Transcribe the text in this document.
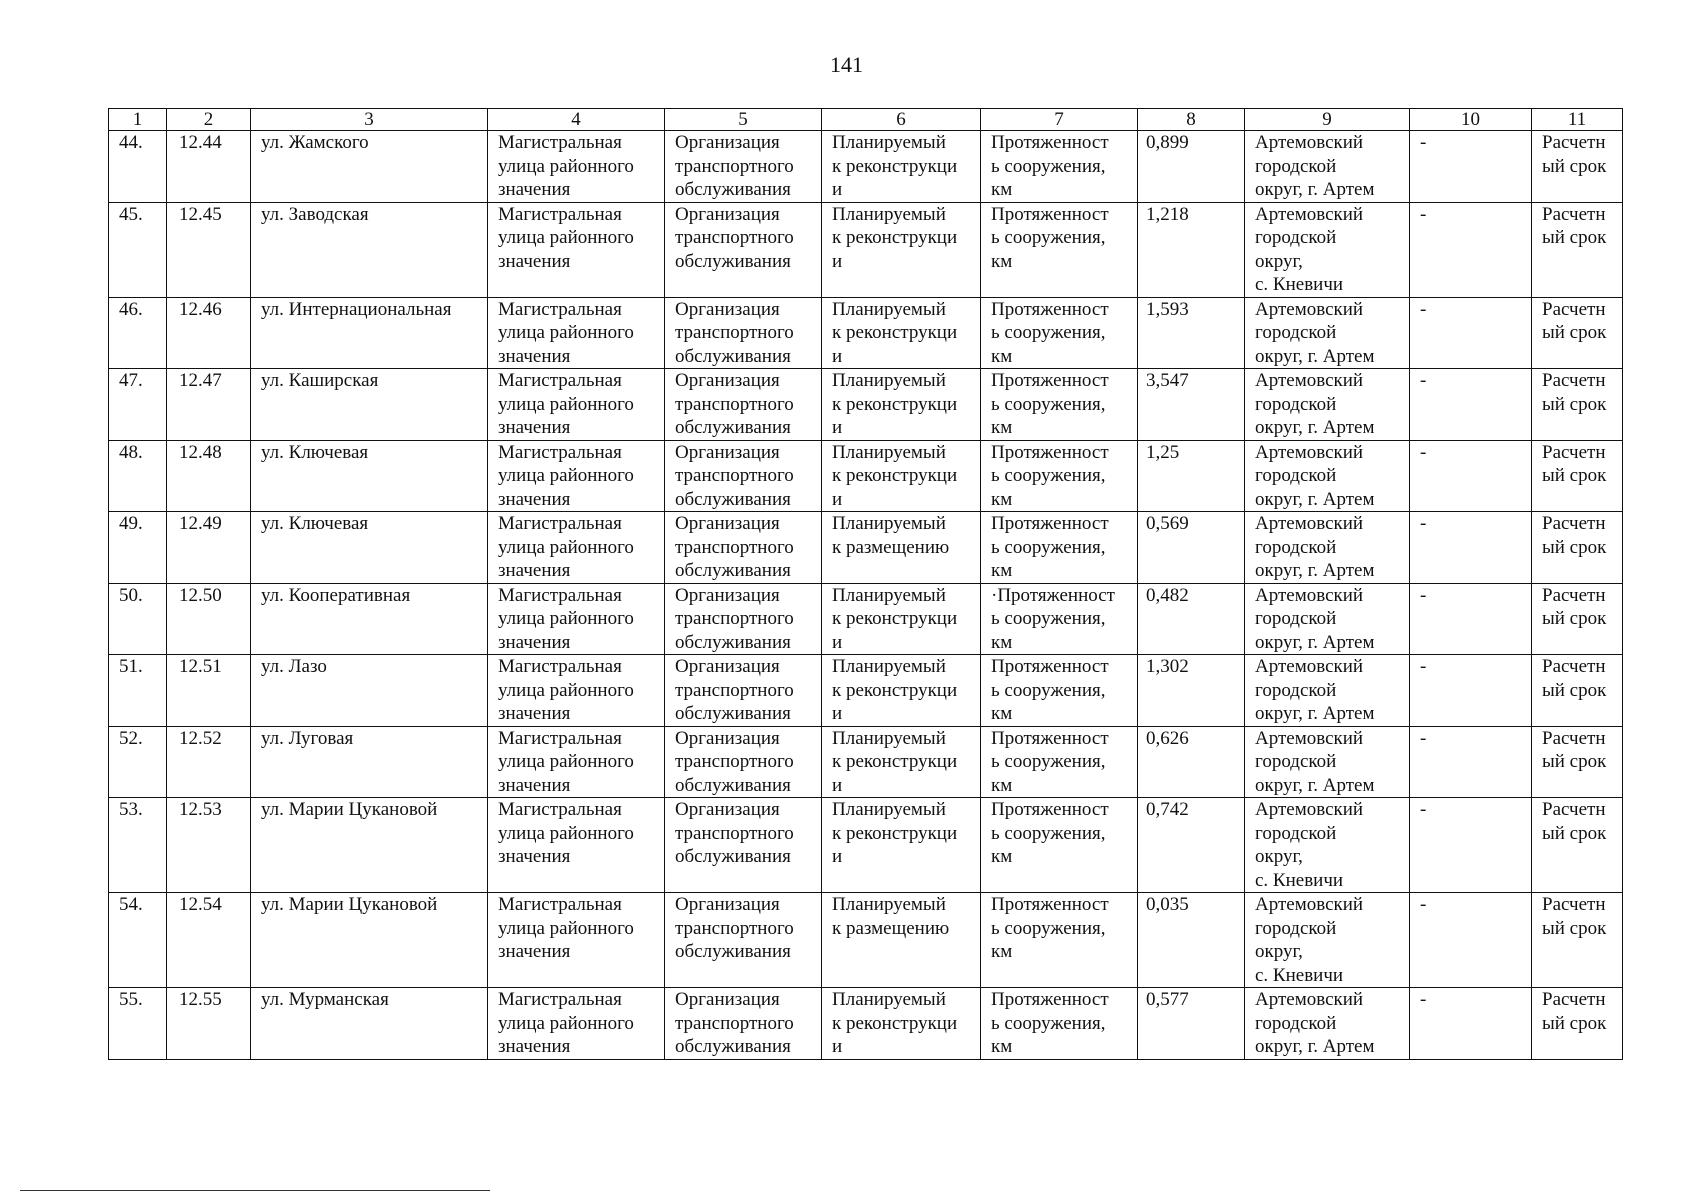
141
1	2	3	4	5	6	7	8	9	10	11

44.	12.44	ул. Жамского	Магистральная
улица районного
значения	Организация
транспортного
обслуживания	Планируемый
к реконструкци
и	Протяженност
ь сооружения,
км	0,899	Артемовский
городской
округ, г. Артем	-	Расчетн
ый срок

45.	12.45	ул. Заводская	Магистральная
улица районного
значения	Организация
транспортного
обслуживания	Планируемый
к реконструкци
и	Протяженност
ь сооружения,
км	1,218	Артемовский
городской
округ,
с. Кневичи	-	Расчетн
ый срок

46.	12.46	ул. Интернациональная	Магистральная
улица районного
значения	Организация
транспортного
обслуживания	Планируемый
к реконструкци
и	Протяженност
ь сооружения,
км	1,593	Артемовский
городской
округ, г. Артем	-	Расчетн
ый срок

47.	12.47	ул. Каширская	Магистральная
улица районного
значения	Организация
транспортного
обслуживания	Планируемый
к реконструкци
и	Протяженност
ь сооружения,
км	3,547	Артемовский
городской
округ, г. Артем	-	Расчетн
ый срок

48.	12.48	ул. Ключевая	Магистральная
улица районного
значения	Организация
транспортного
обслуживания	Планируемый
к реконструкци
и	Протяженност
ь сооружения,
км	1,25	Артемовский
городской
округ, г. Артем	-	Расчетн
ый срок

49.	12.49	ул. Ключевая	Магистральная
улица районного
значения	Организация
транспортного
обслуживания	Планируемый
к размещению	Протяженност
ь сооружения,
км	0,569	Артемовский
городской
округ, г. Артем	-	Расчетн
ый срок

50.	12.50	ул. Кооперативная	Магистральная
улица районного
значения	Организация
транспортного
обслуживания	Планируемый
к реконструкци
и	·Протяженност
ь сооружения,
км	0,482	Артемовский
городской
округ, г. Артем	-	Расчетн
ый срок

51.	12.51	ул. Лазо	Магистральная
улица районного
значения	Организация
транспортного
обслуживания	Планируемый
к реконструкци
и	Протяженност
ь сооружения,
км	1,302	Артемовский
городской
округ, г. Артем	-	Расчетн
ый срок

52.	12.52	ул. Луговая	Магистральная
улица районного
значения	Организация
транспортного
обслуживания	Планируемый
к реконструкци
и	Протяженност
ь сооружения,
км	0,626	Артемовский
городской
округ, г. Артем	-	Расчетн
ый срок

53.	12.53	ул. Марии Цукановой	Магистральная
улица районного
значения	Организация
транспортного
обслуживания	Планируемый
к реконструкци
и	Протяженност
ь сооружения,
км	0,742	Артемовский
городской
округ,
с. Кневичи	-	Расчетн
ый срок

54.	12.54	ул. Марии Цукановой	Магистральная
улица районного
значения	Организация
транспортного
обслуживания	Планируемый
к размещению	Протяженност
ь сооружения,
км	0,035	Артемовский
городской
округ,
с. Кневичи	-	Расчетн
ый срок

55.	12.55	ул. Мурманская	Магистральная
улица районного
значения	Организация
транспортного
обслуживания	Планируемый
к реконструкци
и	Протяженност
ь сооружения,
км	0,577	Артемовский
городской
округ, г. Артем	-	Расчетн
ый срок
